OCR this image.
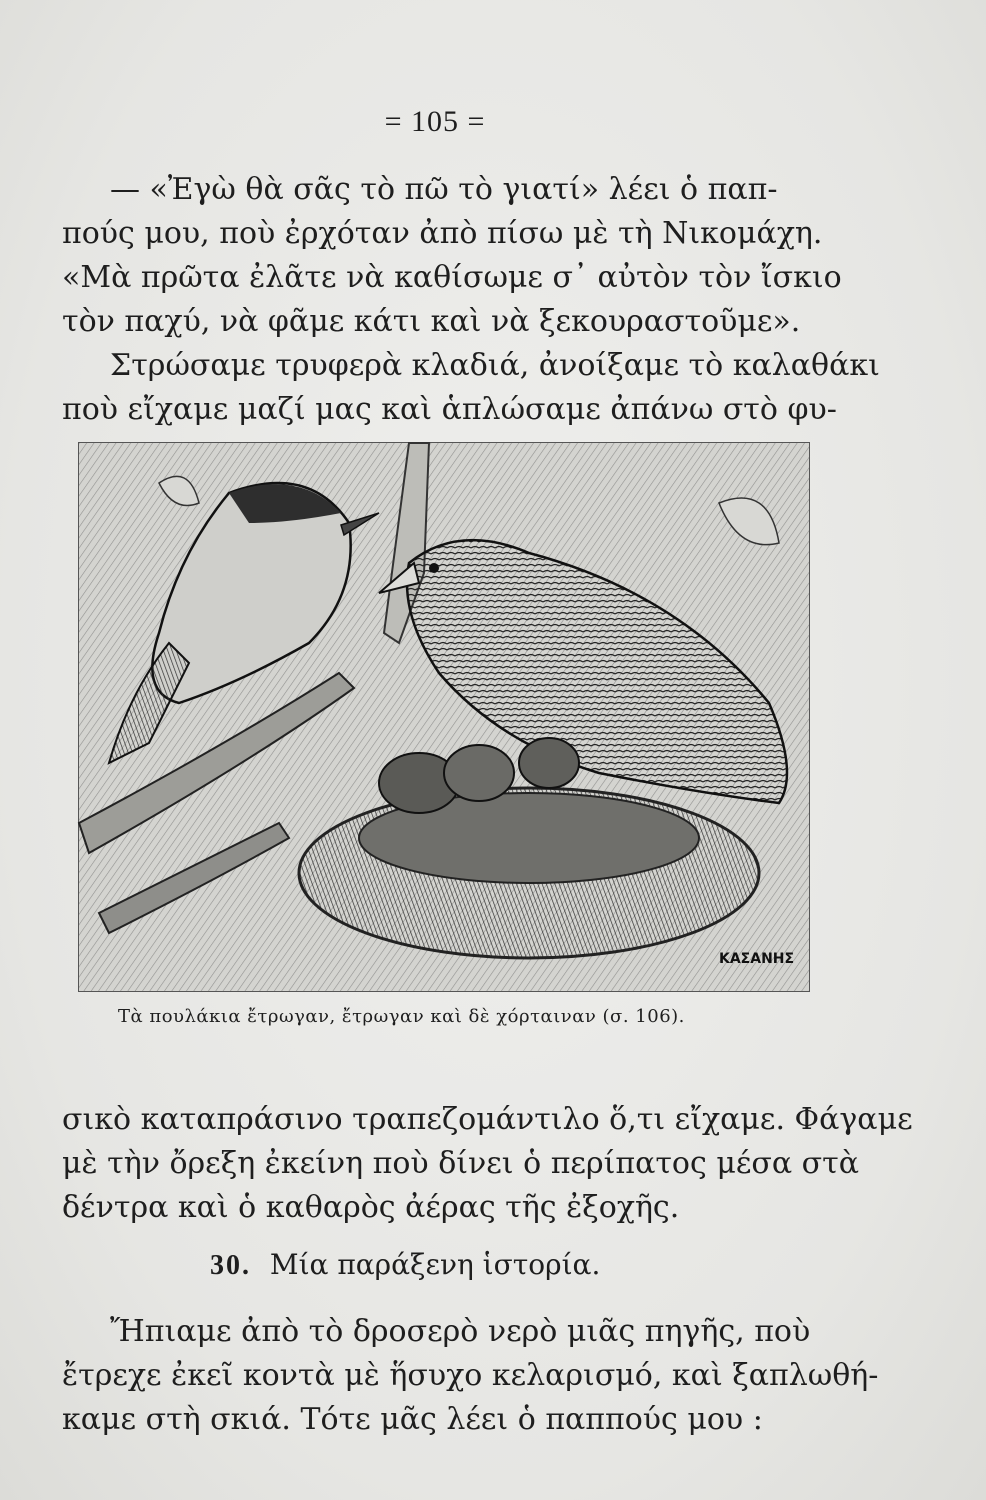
= 105 =
— «Ἐγὼ θὰ σᾶς τὸ πῶ τὸ γιατί» λέει ὁ παπ-
πούς μου, ποὺ ἐρχόταν ἀπὸ πίσω μὲ τὴ Νικομάχη.
«Μὰ πρῶτα ἐλᾶτε νὰ καθίσωμε σ᾽ αὐτὸν τὸν ἴσκιο
τὸν παχύ, νὰ φᾶμε κάτι καὶ νὰ ξεκουραστοῦμε».
Στρώσαμε τρυφερὰ κλαδιά, ἀνοίξαμε τὸ καλαθάκι
ποὺ εἴχαμε μαζί μας καὶ ἁπλώσαμε ἀπάνω στὸ φυ-
ΚΑΣΑΝΗΣ
Τὰ πουλάκια ἔτρωγαν, ἔτρωγαν καὶ δὲ χόρταιναν (σ. 106).
σικὸ καταπράσινο τραπεζομάντιλο ὅ,τι εἴχαμε. Φάγαμε
μὲ τὴν ὄρεξη ἐκείνη ποὺ δίνει ὁ περίπατος μέσα στὰ
δέντρα καὶ ὁ καθαρὸς ἀέρας τῆς ἐξοχῆς.
30. Μία παράξενη ἱστορία.
Ἤπιαμε ἀπὸ τὸ δροσερὸ νερὸ μιᾶς πηγῆς, ποὺ
ἔτρεχε ἐκεῖ κοντὰ μὲ ἥσυχο κελαρισμό, καὶ ξαπλωθή-
καμε στὴ σκιά. Τότε μᾶς λέει ὁ παππούς μου :
